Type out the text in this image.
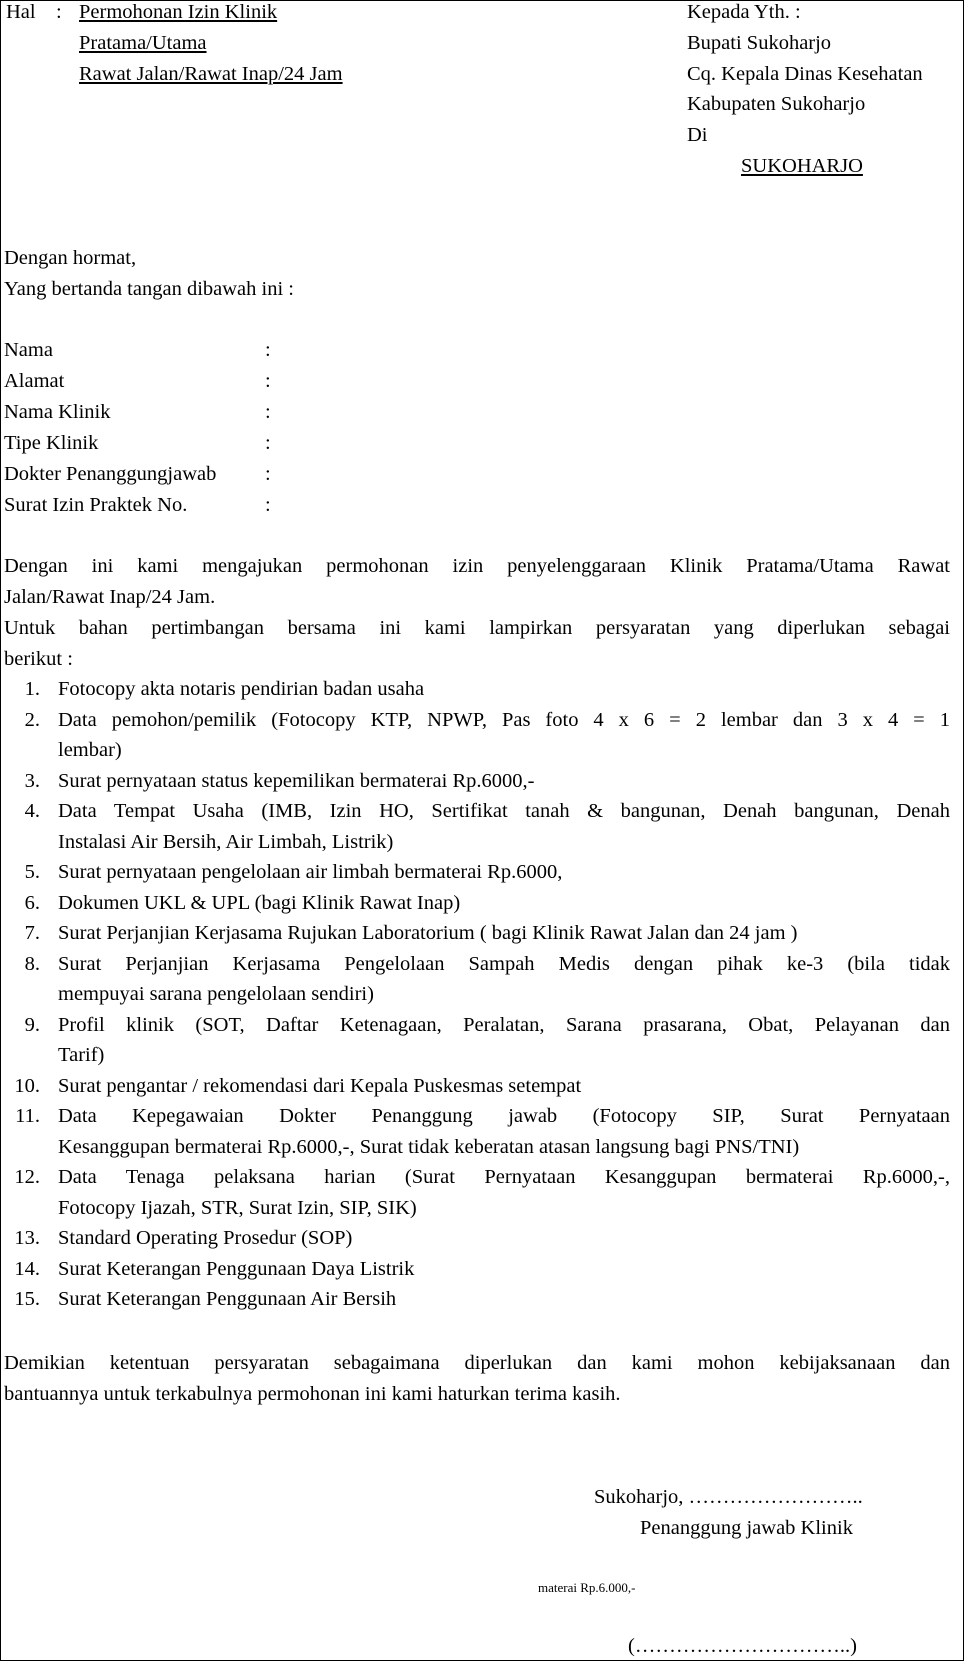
Hal : Permohonan Izin Klinik
Pratama/Utama
Rawat Jalan/Rawat Inap/24 Jam
Kepada Yth. :
Bupati Sukoharjo
Cq. Kepala Dinas Kesehatan
Kabupaten Sukoharjo
Di
SUKOHARJO
Dengan hormat,
Yang bertanda tangan dibawah ini :
Nama	:
Alamat	:
Nama Klinik	:
Tipe Klinik	:
Dokter Penanggungjawab :
Surat Izin Praktek No.	:
Dengan ini kami mengajukan permohonan izin penyelenggaraan Klinik Pratama/Utama Rawat
Jalan/Rawat Inap/24 Jam.
Untuk bahan pertimbangan bersama ini kami lampirkan persyaratan yang diperlukan sebagai
berikut :
1. Fotocopy akta notaris pendirian badan usaha
2. Data pemohon/pemilik (Fotocopy KTP, NPWP, Pas foto 4 x 6 = 2 lembar dan 3 x 4 = 1
lembar)
3. Surat pernyataan status kepemilikan bermaterai Rp.6000,-
4. Data Tempat Usaha (IMB, Izin HO, Sertifikat tanah & bangunan, Denah bangunan, Denah
Instalasi Air Bersih, Air Limbah, Listrik)
5. Surat pernyataan pengelolaan air limbah bermaterai Rp.6000,
6. Dokumen UKL & UPL (bagi Klinik Rawat Inap)
7. Surat Perjanjian Kerjasama Rujukan Laboratorium ( bagi Klinik Rawat Jalan dan 24 jam )
8. Surat Perjanjian Kerjasama Pengelolaan Sampah Medis dengan pihak ke-3 (bila tidak
mempuyai sarana pengelolaan sendiri)
9. Profil klinik (SOT, Daftar Ketenagaan, Peralatan, Sarana prasarana, Obat, Pelayanan dan
Tarif)
10. Surat pengantar / rekomendasi dari Kepala Puskesmas setempat
11. Data Kepegawaian Dokter Penanggung jawab (Fotocopy SIP, Surat Pernyataan
Kesanggupan bermaterai Rp.6000,-, Surat tidak keberatan atasan langsung bagi PNS/TNI)
12. Data Tenaga pelaksana harian (Surat Pernyataan Kesanggupan bermaterai Rp.6000,-,
Fotocopy Ijazah, STR, Surat Izin, SIP, SIK)
13. Standard Operating Prosedur (SOP)
14. Surat Keterangan Penggunaan Daya Listrik
15. Surat Keterangan Penggunaan Air Bersih
Demikian ketentuan persyaratan sebagaimana diperlukan dan kami mohon kebijaksanaan dan
bantuannya untuk terkabulnya permohonan ini kami haturkan terima kasih.
Sukoharjo, ……………………..
Penanggung jawab Klinik
materai Rp.6.000,-
(…………………………..)
